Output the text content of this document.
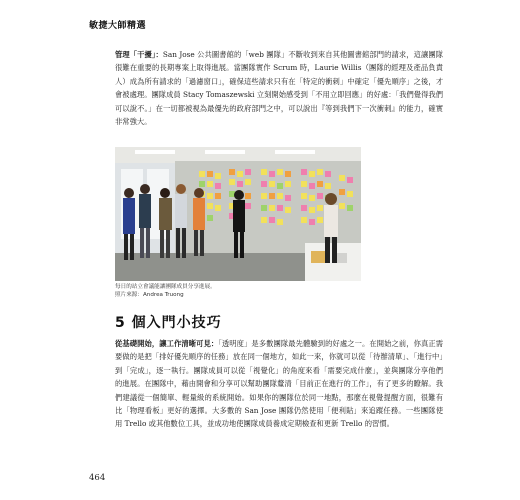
敏捷大師精選

管理「干擾」：San Jose 公共圖書館的「web 團隊」不斷收到來自其他圖書館部門的請求，這讓團隊很難在重要的長期專案上取得進展。當團隊實作 Scrum 時，Laurie Willis（團隊的經理及產品負責人）成為所有請求的「過濾窗口」，確保這些請求只有在「特定的衝刺」中確定「優先順序」之後，才會被處理。團隊成員 Stacy Tomaszewski 立刻開始感受到「不用立即回應」的好處：「我們覺得我們可以說不。」在一切都被視為最優先的政府部門之中，可以說出『等到我們下一次衝刺』的能力，確實非常強大。

每日的站立會議能讓團隊成員分享進展。
照片來源：Andrea Truong
5 個入門小技巧

從基礎開始，讓工作清晰可見：「透明度」是多數團隊最先體驗到的好處之一。在開始之前，你真正需要做的是把「排好優先順序的任務」放在同一個地方，如此一來，你就可以從「待辦清單」、「進行中」到「完成」，逐一執行。團隊成員可以從「視覺化」的角度來看「需要完成什麼」，並與團隊分享他們的進展。在團隊中，藉由開會和分享可以幫助團隊釐清「目前正在進行的工作」，有了更多的瞭解。我們建議從一個簡單、輕量級的系統開始。如果你的團隊位於同一地點，那麼在視覺提醒方面，很難有比「物理看板」更好的選擇。大多數的 San Jose 團隊仍然使用「便利貼」來追蹤任務。一些團隊使用 Trello 或其他數位工具，並成功地使團隊成員養成定期檢查和更新 Trello 的習慣。

464
